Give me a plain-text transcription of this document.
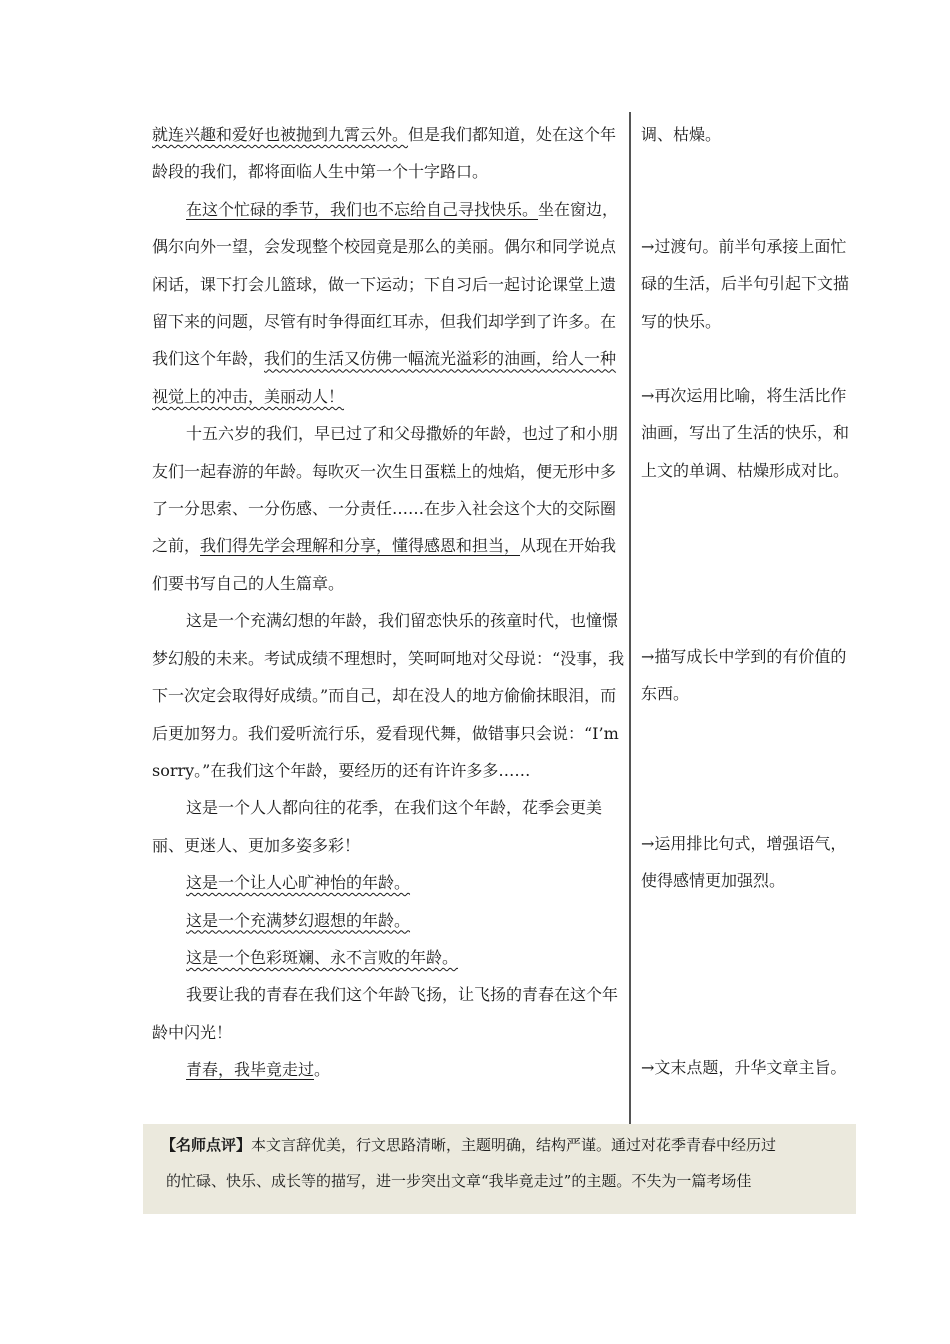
就连兴趣和爱好也被抛到九霄云外。但是我们都知道，处在这个年龄段的我们，都将面临人生中第一个十字路口。

在这个忙碌的季节，我们也不忘给自己寻找快乐。坐在窗边，偶尔向外一望，会发现整个校园竟是那么的美丽。偶尔和同学说点闲话，课下打会儿篮球，做一下运动；下自习后一起讨论课堂上遗留下来的问题，尽管有时争得面红耳赤，但我们却学到了许多。在我们这个年龄，我们的生活又仿佛一幅流光溢彩的油画，给人一种视觉上的冲击，美丽动人！

十五六岁的我们，早已过了和父母撒娇的年龄，也过了和小朋友们一起春游的年龄。每吹灭一次生日蛋糕上的烛焰，便无形中多了一分思索、一分伤感、一分责任……在步入社会这个大的交际圈之前，我们得先学会理解和分享，懂得感恩和担当，从现在开始我们要书写自己的人生篇章。

这是一个充满幻想的年龄，我们留恋快乐的孩童时代，也憧憬梦幻般的未来。考试成绩不理想时，笑呵呵地对父母说：“没事，我下一次定会取得好成绩。”而自己，却在没人的地方偷偷抹眼泪，而后更加努力。我们爱听流行乐，爱看现代舞，做错事只会说：“I’m sorry。”在我们这个年龄，要经历的还有许许多多……

这是一个人人都向往的花季，在我们这个年龄，花季会更美丽、更迷人、更加多姿多彩！

这是一个让人心旷神怡的年龄。

这是一个充满梦幻遐想的年龄。

这是一个色彩斑斓、永不言败的年龄。

我要让我的青春在我们这个年龄飞扬，让飞扬的青春在这个年龄中闪光！

青春，我毕竟走过。

调、枯燥。
→过渡句。前半句承接上面忙碌的生活，后半句引起下文描写的快乐。
→再次运用比喻，将生活比作油画，写出了生活的快乐，和上文的单调、枯燥形成对比。
→描写成长中学到的有价值的东西。
→运用排比句式，增强语气，使得感情更加强烈。
→文末点题，升华文章主旨。
【名师点评】本文言辞优美，行文思路清晰，主题明确，结构严谨。通过对花季青春中经历过
的忙碌、快乐、成长等的描写，进一步突出文章“我毕竟走过”的主题。不失为一篇考场佳
